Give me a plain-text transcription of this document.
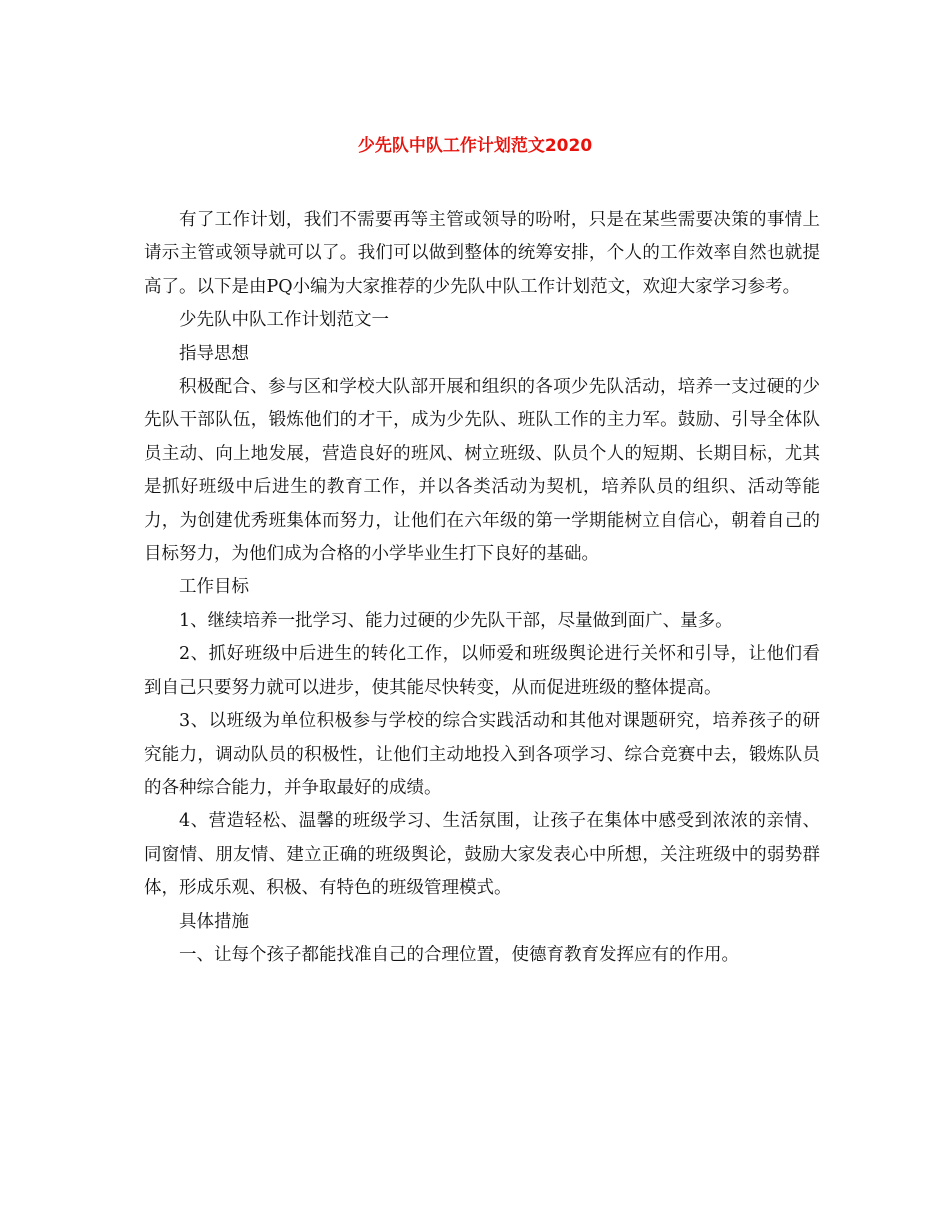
少先队中队工作计划范文2020

有了工作计划，我们不需要再等主管或领导的吩咐，只是在某些需要决策的事情上请示主管或领导就可以了。我们可以做到整体的统筹安排，个人的工作效率自然也就提高了。以下是由PQ小编为大家推荐的少先队中队工作计划范文，欢迎大家学习参考。

少先队中队工作计划范文一

指导思想

积极配合、参与区和学校大队部开展和组织的各项少先队活动，培养一支过硬的少先队干部队伍，锻炼他们的才干，成为少先队、班队工作的主力军。鼓励、引导全体队员主动、向上地发展，营造良好的班风、树立班级、队员个人的短期、长期目标，尤其是抓好班级中后进生的教育工作，并以各类活动为契机，培养队员的组织、活动等能力，为创建优秀班集体而努力，让他们在六年级的第一学期能树立自信心，朝着自己的目标努力，为他们成为合格的小学毕业生打下良好的基础。

工作目标

1、继续培养一批学习、能力过硬的少先队干部，尽量做到面广、量多。

2、抓好班级中后进生的转化工作，以师爱和班级舆论进行关怀和引导，让他们看到自己只要努力就可以进步，使其能尽快转变，从而促进班级的整体提高。

3、以班级为单位积极参与学校的综合实践活动和其他对课题研究，培养孩子的研究能力，调动队员的积极性，让他们主动地投入到各项学习、综合竞赛中去，锻炼队员的各种综合能力，并争取最好的成绩。

4、营造轻松、温馨的班级学习、生活氛围，让孩子在集体中感受到浓浓的亲情、同窗情、朋友情、建立正确的班级舆论，鼓励大家发表心中所想，关注班级中的弱势群体，形成乐观、积极、有特色的班级管理模式。

具体措施

一、让每个孩子都能找准自己的合理位置，使德育教育发挥应有的作用。
